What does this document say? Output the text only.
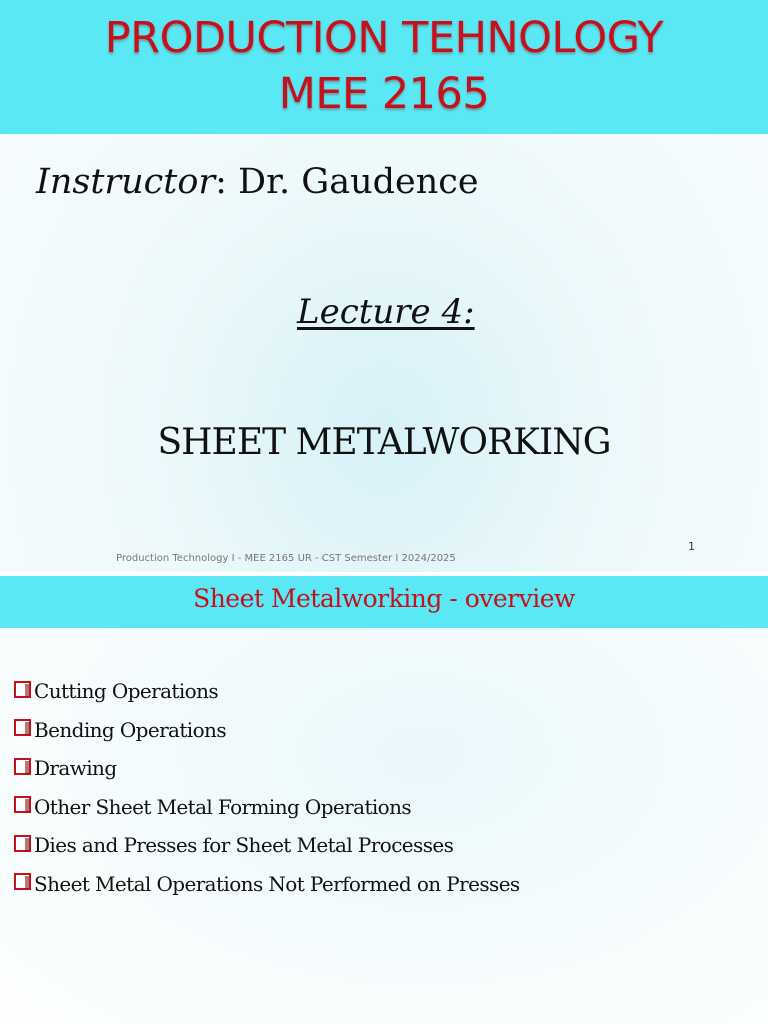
PRODUCTION TEHNOLOGY
MEE 2165
Instructor: Dr. Gaudence
Lecture 4:
SHEET METALWORKING
Production Technology I - MEE 2165 UR - CST Semester I 2024/2025
1
Sheet Metalworking - overview
Cutting Operations
Bending Operations
Drawing
Other Sheet Metal Forming Operations
Dies and Presses for Sheet Metal Processes
Sheet Metal Operations Not Performed on Presses
